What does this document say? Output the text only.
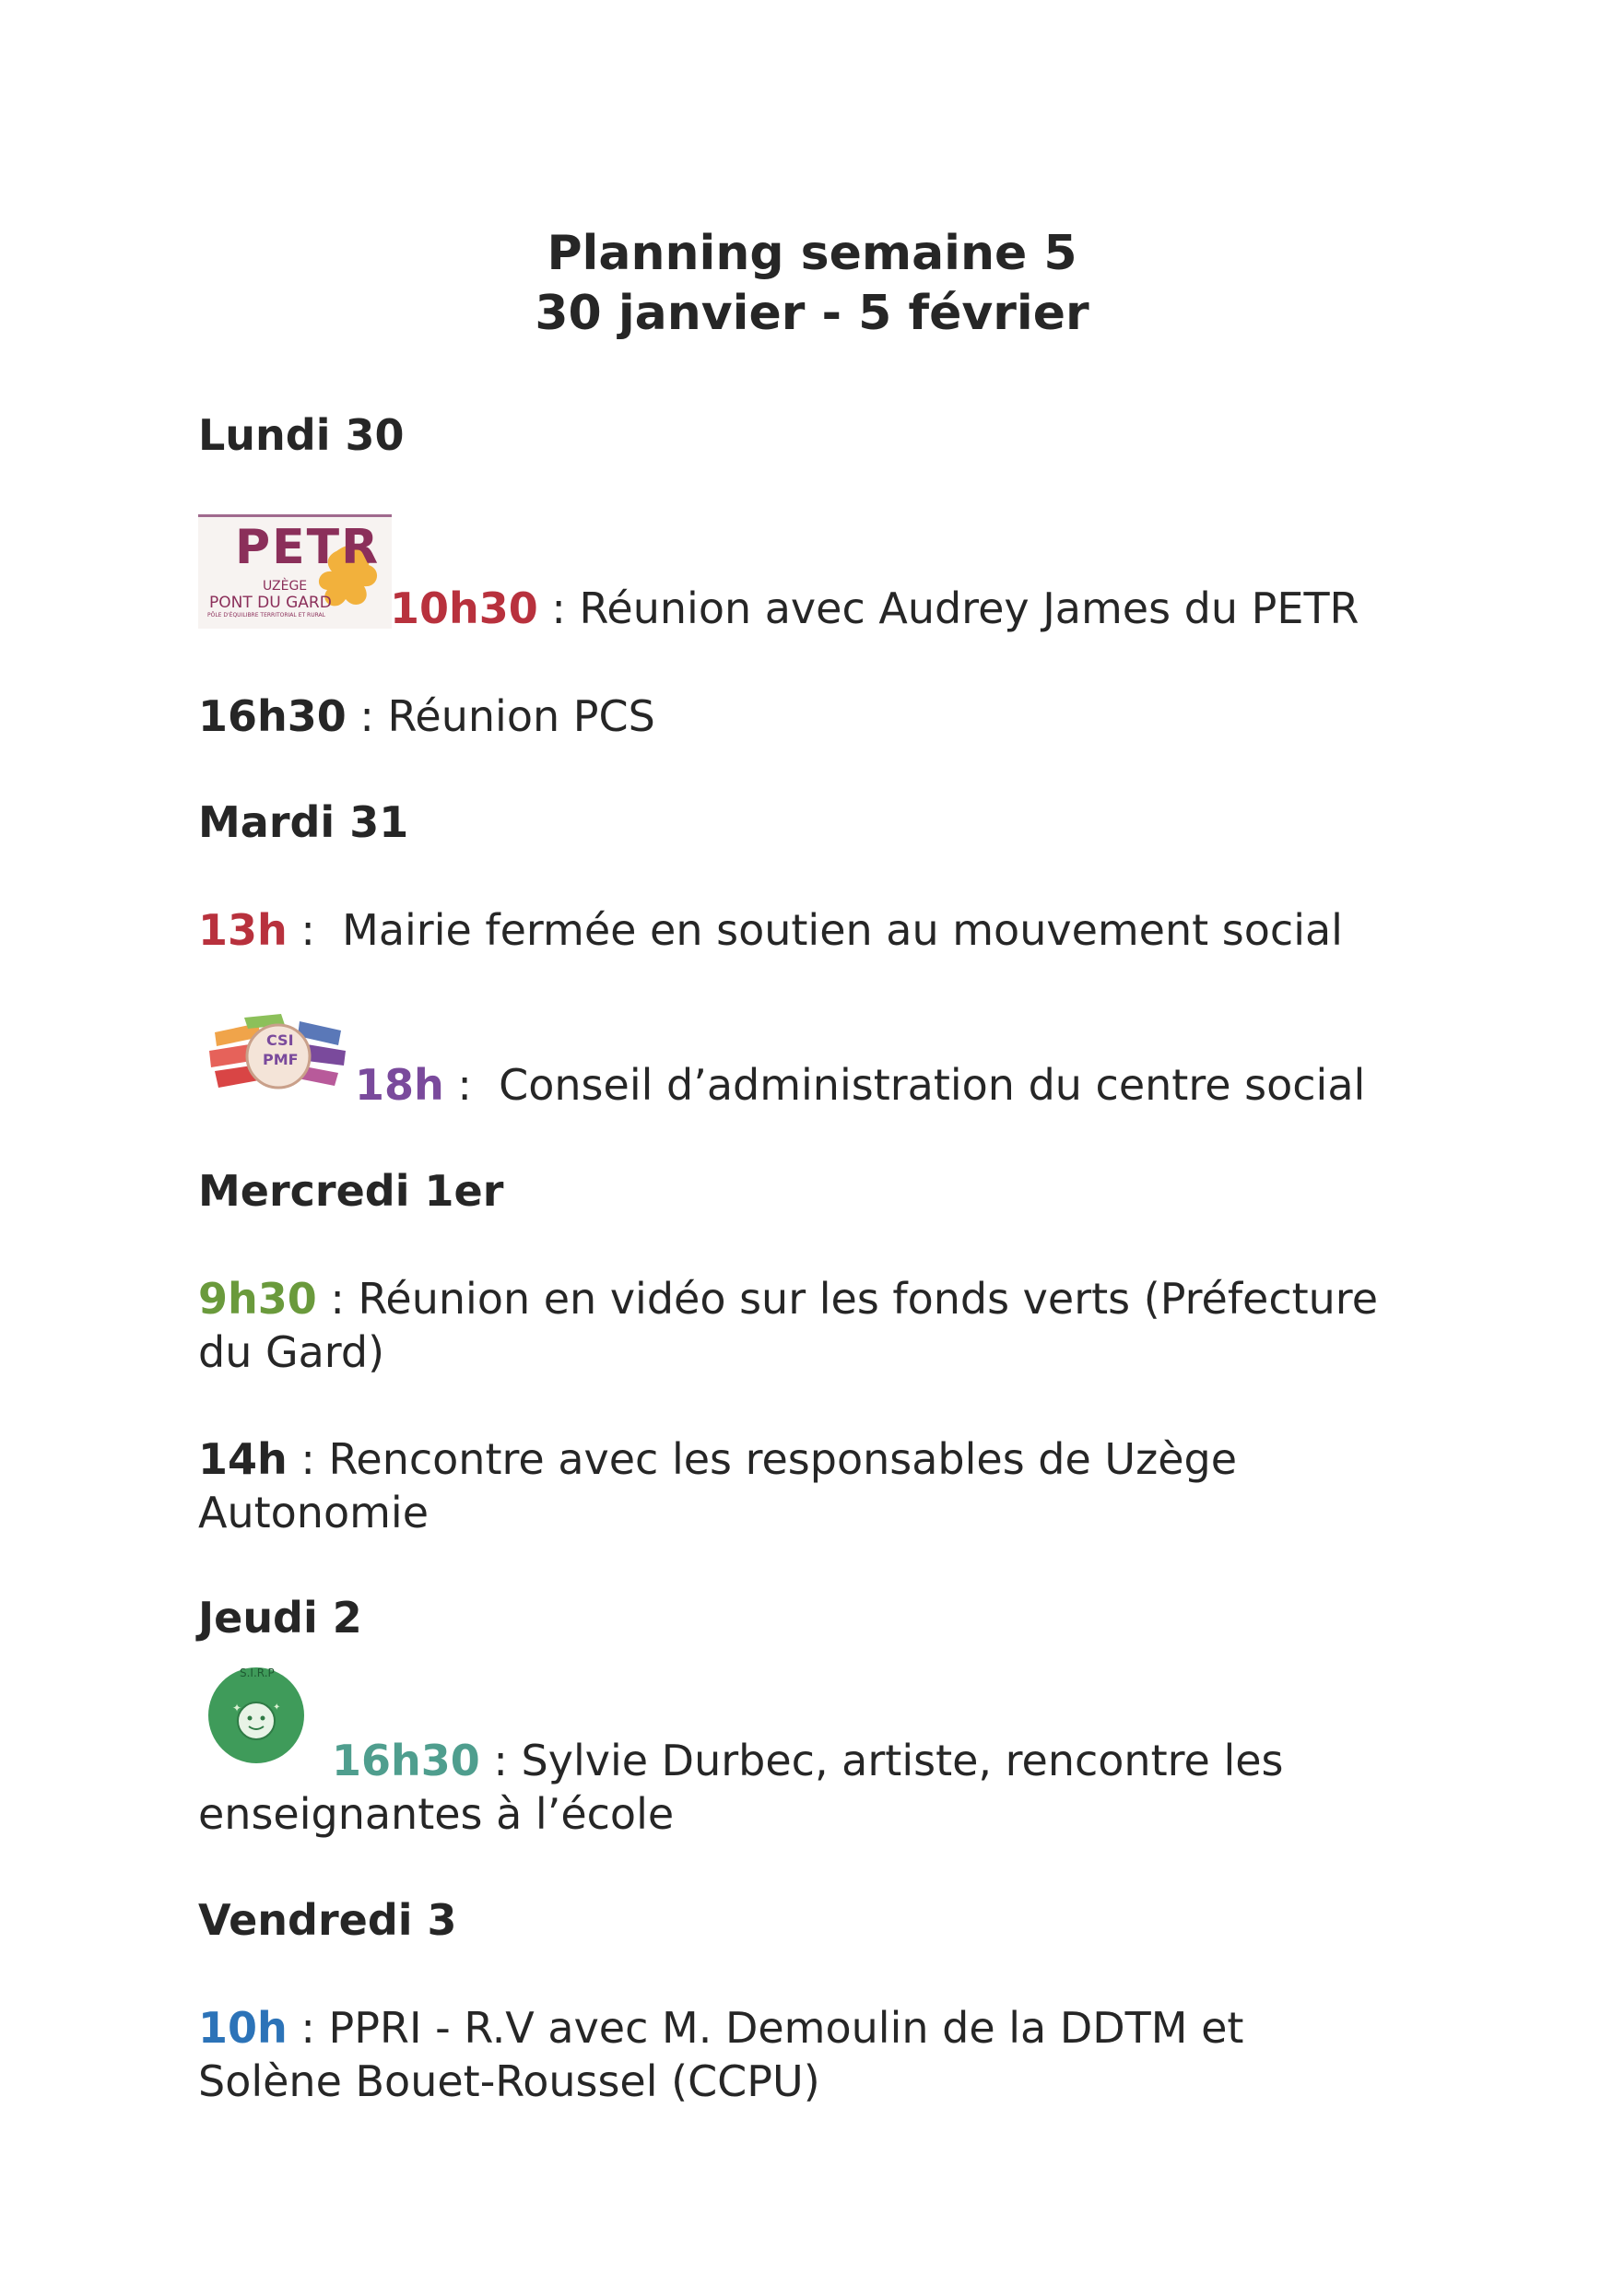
Planning semaine 5
30 janvier - 5 février
Lundi 30
PETR
UZÈGE
PONT DU GARD
PÔLE D'ÉQUILIBRE TERRITORIAL ET RURAL 10h30 : Réunion avec Audrey James du PETR
16h30 : Réunion PCS
Mardi 31
13h :  Mairie fermée en soutien au mouvement social
CSI
PMF
18h :  Conseil d’administration du centre social
Mercredi 1er
9h30 : Réunion en vidéo sur les fonds verts (Préfecture
du Gard)
14h : Rencontre avec les responsables de Uzège
Autonomie
Jeudi 2
✦	✦
S.I.R.P
16h30 : Sylvie Durbec, artiste, rencontre les
enseignantes à l’école
Vendredi 3
10h : PPRI - R.V avec M. Demoulin de la DDTM et
Solène Bouet-Roussel (CCPU)
